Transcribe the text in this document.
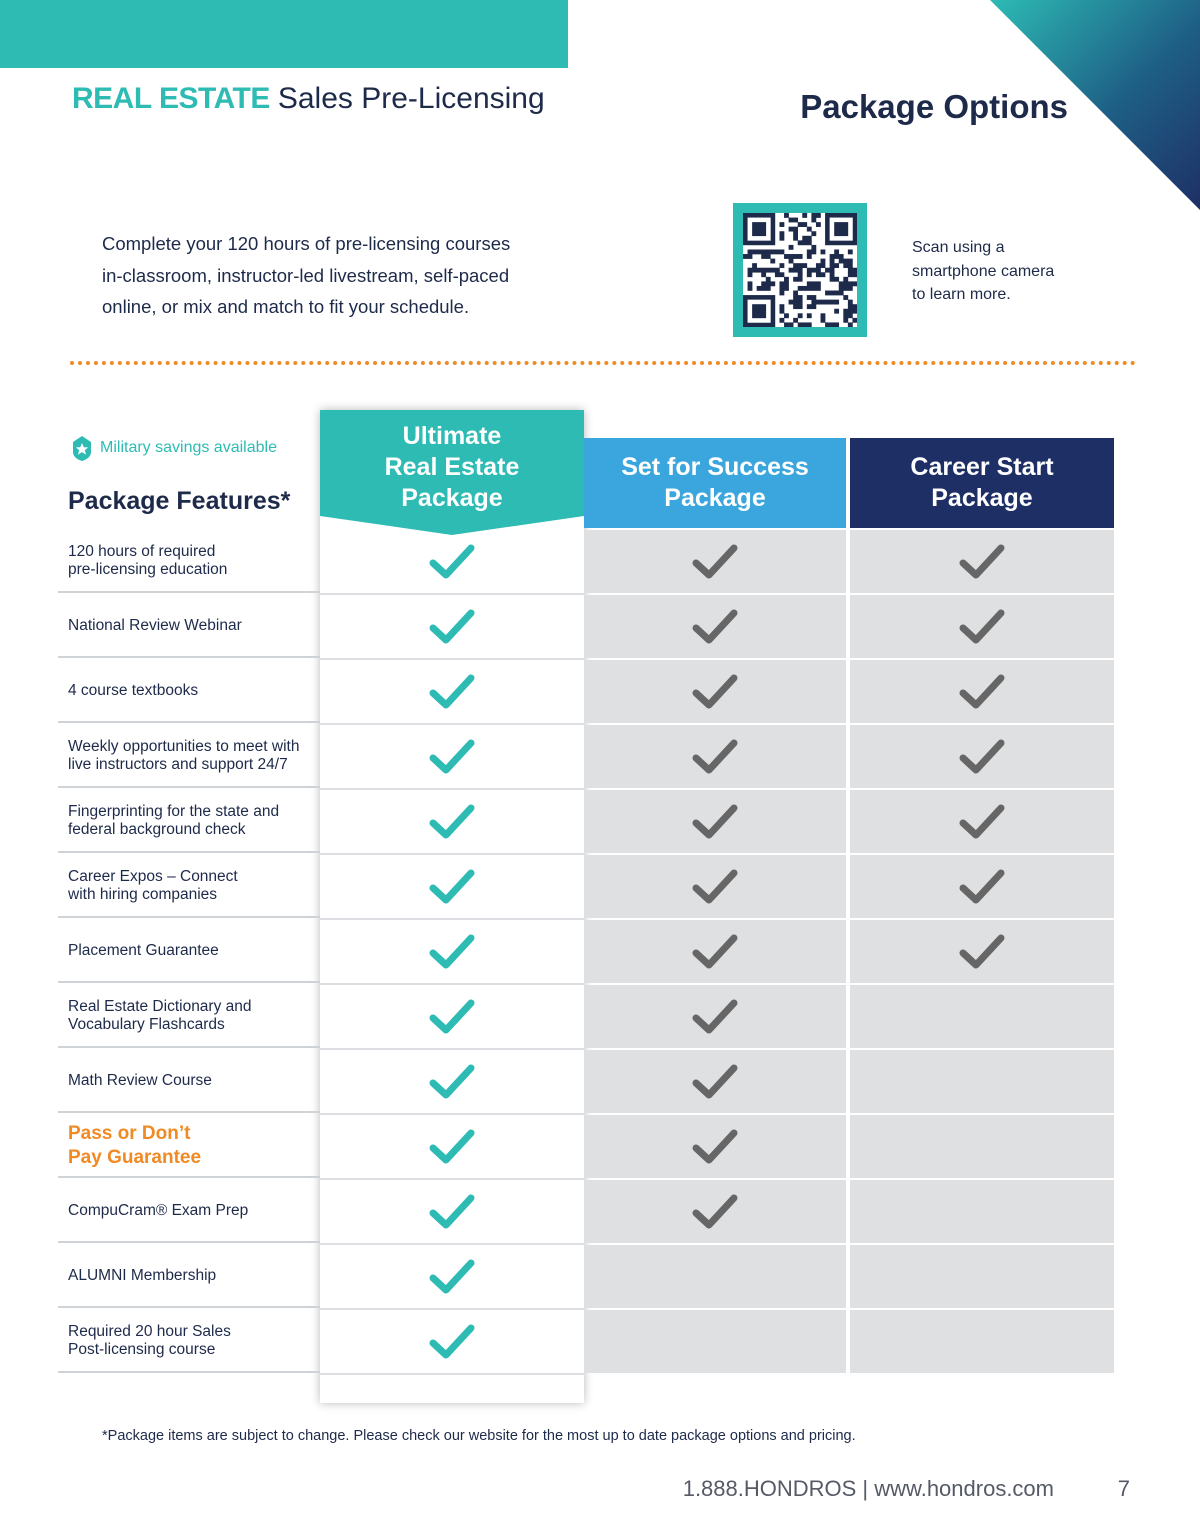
REAL ESTATE Sales Pre-Licensing	Package Options
Complete your 120 hours of pre-licensing courses
in-classroom, instructor-led livestream, self-paced
online, or mix and match to fit your schedule.
Scan using a
smartphone camera
to learn more.
Military savings available
Package Features*
120 hours of required
pre-licensing education
National Review Webinar
4 course textbooks
Weekly opportunities to meet with
live instructors and support 24/7
Fingerprinting for the state and
federal background check
Career Expos – Connect
with hiring companies
Placement Guarantee
Real Estate Dictionary and
Vocabulary Flashcards
Math Review Course
Pass or Don’t
Pay Guarantee
CompuCram® Exam Prep
ALUMNI Membership
Required 20 hour Sales
Post-licensing course
Ultimate
Real Estate
Package
Set for Success
Package
Career Start
Package
*Package items are subject to change. Please check our website for the most up to date package options and pricing.
1.888.HONDROS | www.hondros.com	7
